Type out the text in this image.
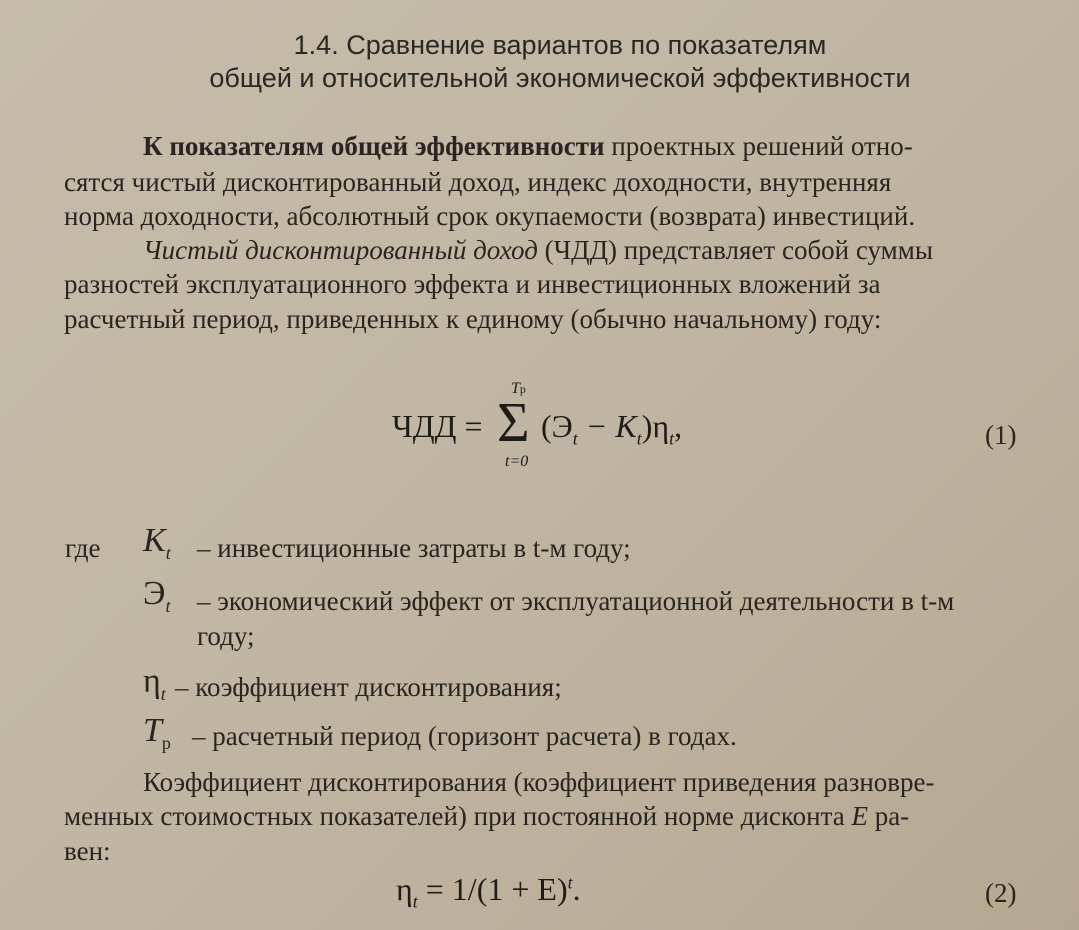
1.4. Сравнение вариантов по показателям
общей и относительной экономической эффективности
К показателям общей эффективности проектных решений отно-
сятся чистый дисконтированный доход, индекс доходности, внутренняя
норма доходности, абсолютный срок окупаемости (возврата) инвестиций.
Чистый дисконтированный доход (ЧДД) представляет собой суммы
разностей эксплуатационного эффекта и инвестиционных вложений за
расчетный период, приведенных к единому (обычно начальному) году:
ЧДД =
Tр
Σ
t=0
$(Э_t - K_t)\eta_t$,	(1)
где $K_t$ – инвестиционные затраты в t-м году;
$Э_t$ – экономический эффект от эксплуатационной деятельности в t-м
году;
$\eta_t$ – коэффициент дисконтирования;
$T_р$ – расчетный период (горизонт расчета) в годах.
Коэффициент дисконтирования (коэффициент приведения разновре-
менных стоимостных показателей) при постоянной норме дисконта E ра-
вен:
$\eta_t = 1/(1 + E)^t$.	(2)
